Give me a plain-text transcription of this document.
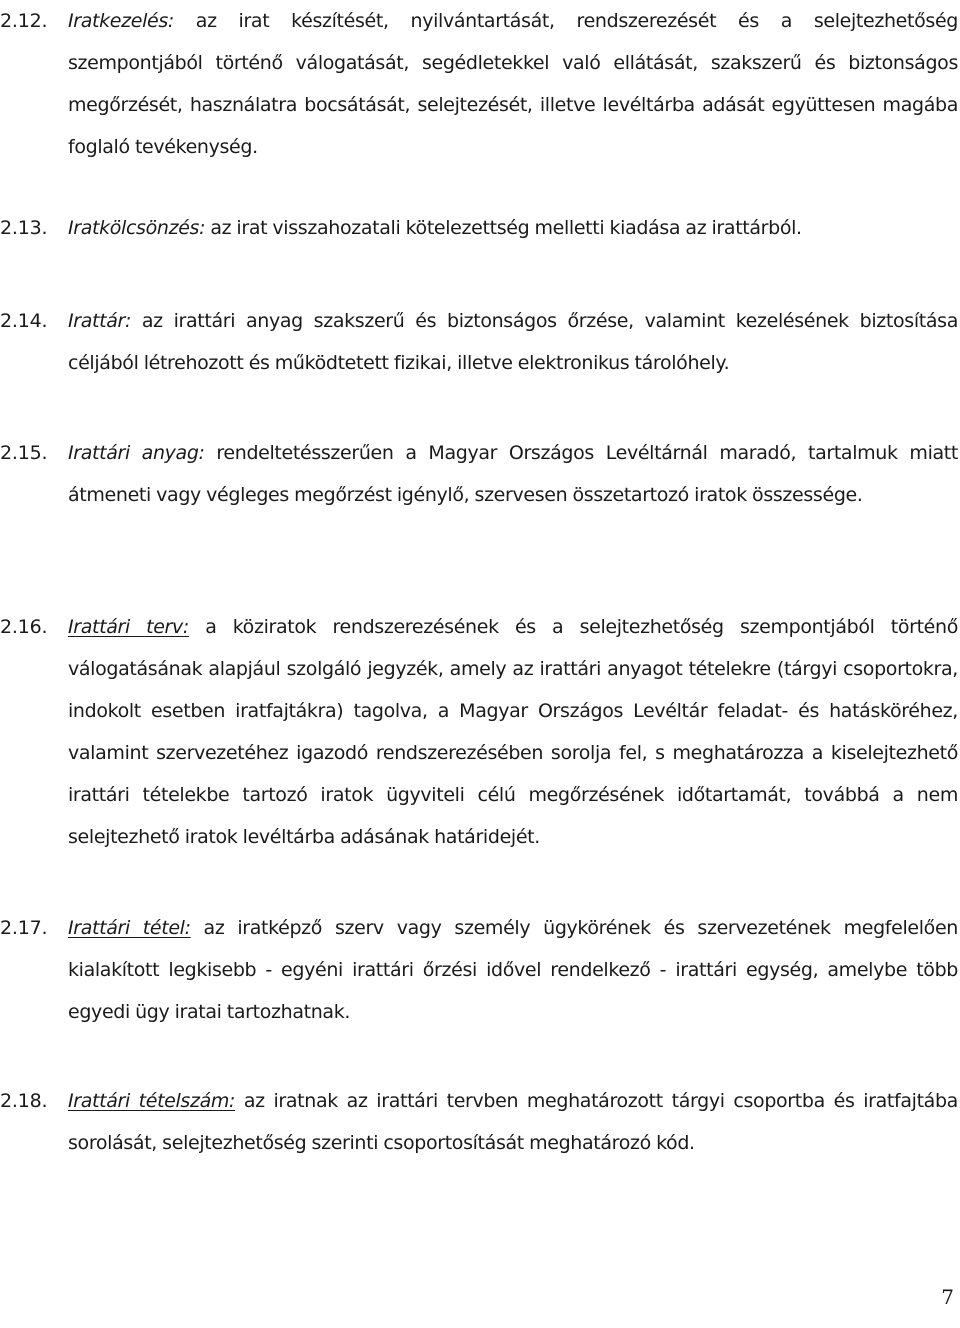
2.12. Iratkezelés: az irat készítését, nyilvántartását, rendszerezését és a selejtezhetőség szempontjából történő válogatását, segédletekkel való ellátását, szakszerű és biztonságos megőrzését, használatra bocsátását, selejtezését, illetve levéltárba adását együttesen magába foglaló tevékenység.
2.13. Iratkölcsönzés: az irat visszahozatali kötelezettség melletti kiadása az irattárból.
2.14. Irattár: az irattári anyag szakszerű és biztonságos őrzése, valamint kezelésének biztosítása céljából létrehozott és működtetett fizikai, illetve elektronikus tárolóhely.
2.15. Irattári anyag: rendeltetésszerűen a Magyar Országos Levéltárnál maradó, tartalmuk miatt átmeneti vagy végleges megőrzést igénylő, szervesen összetartozó iratok összessége.
2.16. Irattári terv: a köziratok rendszerezésének és a selejtezhetőség szempontjából történő válogatásának alapjául szolgáló jegyzék, amely az irattári anyagot tételekre (tárgyi csoportokra, indokolt esetben iratfajtákra) tagolva, a Magyar Országos Levéltár feladat- és hatásköréhez, valamint szervezetéhez igazodó rendszerezésében sorolja fel, s meghatározza a kiselejtezhető irattári tételekbe tartozó iratok ügyviteli célú megőrzésének időtartamát, továbbá a nem selejtezhető iratok levéltárba adásának határidejét.
2.17. Irattári tétel: az iratképző szerv vagy személy ügykörének és szervezetének megfelelően kialakított legkisebb - egyéni irattári őrzési idővel rendelkező - irattári egység, amelybe több egyedi ügy iratai tartozhatnak.
2.18. Irattári tételszám: az iratnak az irattári tervben meghatározott tárgyi csoportba és iratfajtába sorolását, selejtezhetőség szerinti csoportosítását meghatározó kód.
7
